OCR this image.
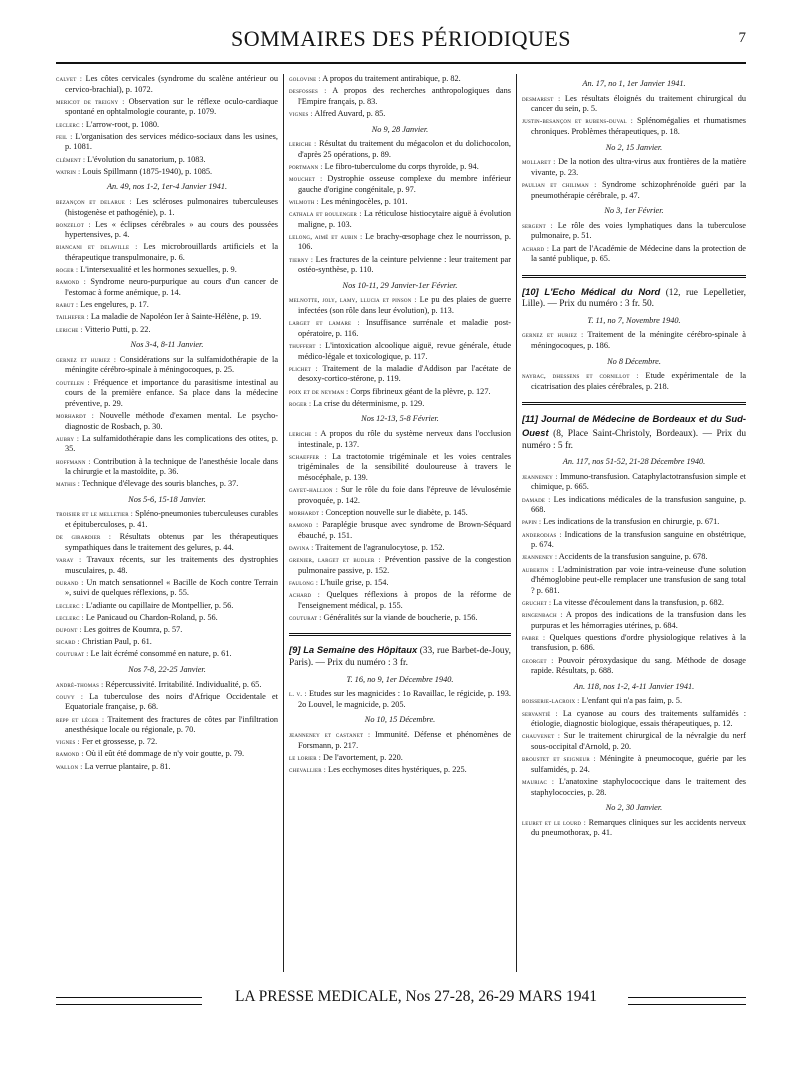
SOMMAIRES DES PÉRIODIQUES	7
calvet : Les côtes cervicales (syndrome du scalène antérieur ou cervico-brachial), p. 1072.
mericot de treigny : Observation sur le réflexe oculo-cardiaque spontané en ophtalmologie courante, p. 1079.
leclerc : L'arrow-root, p. 1080.
feil : L'organisation des services médico-sociaux dans les usines, p. 1081.
clément : L'évolution du sanatorium, p. 1083.
watrin : Louis Spillmann (1875-1940), p. 1085.
An. 49, nos 1-2, 1er-4 Janvier 1941.
bezançon et delarue : Les scléroses pulmonaires tuberculeuses (histogenèse et pathogénie), p. 1.
bonzelot : Les « éclipses cérébrales » au cours des poussées hypertensives, p. 4.
biancani et delaville : Les microbrouillards artificiels et la thérapeutique transpulmonaire, p. 6.
roger : L'intersexualité et les hormones sexuelles, p. 9.
ramond : Syndrome neuro-purpurique au cours d'un cancer de l'estomac à forme anémique, p. 14.
rabut : Les engelures, p. 17.
tailhefer : La maladie de Napoléon Ier à Sainte-Hélène, p. 19.
leriche : Vitterio Putti, p. 22.
Nos 3-4, 8-11 Janvier.
gernez et huriez : Considérations sur la sulfamidothérapie de la méningite cérébro-spinale à méningocoques, p. 25.
coutelen : Fréquence et importance du parasitisme intestinal au cours de la première enfance. Sa place dans la médecine préventive, p. 29.
morhardt : Nouvelle méthode d'examen mental. Le psycho-diagnostic de Rosbach, p. 30.
aubry : La sulfamidothérapie dans les complications des otites, p. 35.
hoffmann : Contribution à la technique de l'anesthésie locale dans la chirurgie et la mastoïdite, p. 36.
mathis : Technique d'élevage des souris blanches, p. 37.
Nos 5-6, 15-18 Janvier.
troisier et le melletier : Spléno-pneumonies tuberculeuses curables et épituberculoses, p. 41.
de girardier : Résultats obtenus par les thérapeutiques sympathiques dans le traitement des gelures, p. 44.
varay : Travaux récents, sur les traitements des dystrophies musculaires, p. 48.
durand : Un match sensationnel « Bacille de Koch contre Terrain », suivi de quelques réflexions, p. 55.
leclerc : L'adiante ou capillaire de Montpellier, p. 56.
leclerc : Le Panicaud ou Chardon-Roland, p. 56.
dupont : Les goitres de Koumra, p. 57.
sicard : Christian Paul, p. 61.
couturat : Le lait écrémé consommé en nature, p. 61.
Nos 7-8, 22-25 Janvier.
andré-thomas : Répercussivité. Irritabilité. Individualité, p. 65.
couvy : La tuberculose des noirs d'Afrique Occidentale et Equatoriale française, p. 68.
repp et léger : Traitement des fractures de côtes par l'infiltration anesthésique locale ou régionale, p. 70.
vignes : Fer et grossesse, p. 72.
ramond : Où il eût été dommage de n'y voir goutte, p. 79.
wallon : La verrue plantaire, p. 81.
golovine : A propos du traitement antirabique, p. 82.
desfosses : A propos des recherches anthropologiques dans l'Empire français, p. 83.
vignes : Alfred Auvard, p. 85.
No 9, 28 Janvier.
leriche : Résultat du traitement du mégacolon et du dolichocolon, d'après 25 opérations, p. 89.
portmann : Le fibro-tuberculome du corps thyroïde, p. 94.
mouchet : Dystrophie osseuse complexe du membre inférieur gauche d'origine congénitale, p. 97.
wilmoth : Les méningocèles, p. 101.
cathala et boulenger : La réticulose histiocytaire aiguë à évolution maligne, p. 103.
lelong, aimé et aubin : Le brachy-œsophage chez le nourrisson, p. 106.
tierny : Les fractures de la ceinture pelvienne : leur traitement par ostéo-synthèse, p. 110.
Nos 10-11, 29 Janvier-1er Février.
melnotte, joly, lamy, llucia et pinson : Le pu des plaies de guerre infectées (son rôle dans leur évolution), p. 113.
larget et lamare : Insuffisance surrénale et maladie post-opératoire, p. 116.
thuffert : L'intoxication alcoolique aiguë, revue générale, étude médico-légale et toxicologique, p. 117.
plichet : Traitement de la maladie d'Addison par l'acétate de desoxy-cortico-stérone, p. 119.
poix et de neyman : Corps fibrineux géant de la plèvre, p. 127.
roger : La crise du déterminisme, p. 129.
Nos 12-13, 5-8 Février.
leriche : A propos du rôle du système nerveux dans l'occlusion intestinale, p. 137.
schaeffer : La tractotomie trigéminale et les voies centrales trigéminales de la sensibilité douloureuse à travers le mésocéphale, p. 139.
gayet-hallion : Sur le rôle du foie dans l'épreuve de lévulosémie provoquée, p. 142.
morhardt : Conception nouvelle sur le diabète, p. 145.
ramond : Paraplégie brusque avec syndrome de Brown-Séquard ébauché, p. 151.
davina : Traitement de l'agranulocytose, p. 152.
grenier, larget et budler : Prévention passive de la congestion pulmonaire passive, p. 152.
faulong : L'huile grise, p. 154.
achard : Quelques réflexions à propos de la réforme de l'enseignement médical, p. 155.
couturat : Généralités sur la viande de boucherie, p. 156.
[9] La Semaine des Hôpitaux (33, rue Barbet-de-Jouy, Paris). — Prix du numéro : 3 fr.
T. 16, no 9, 1er Décembre 1940.
l. v. : Etudes sur les magnicides : 1o Ravaillac, le régicide, p. 193. 2o Louvel, le magnicide, p. 205.
No 10, 15 Décembre.
jeanneney et castanet : Immunité. Défense et phénomènes de Forsmann, p. 217.
le lorier : De l'avortement, p. 220.
chevallier : Les ecchymoses dites hystériques, p. 225.
An. 17, no 1, 1er Janvier 1941.
desmarest : Les résultats éloignés du traitement chirurgical du cancer du sein, p. 5.
justin-besançon et rubens-duval : Splénomégalies et rhumatismes chroniques. Problèmes thérapeutiques, p. 18.
No 2, 15 Janvier.
mollaret : De la notion des ultra-virus aux frontières de la matière vivante, p. 23.
paulian et chiliman : Syndrome schizophrénoïde guéri par la pneumothérapie cérébrale, p. 47.
No 3, 1er Février.
sergent : Le rôle des voies lymphatiques dans la tuberculose pulmonaire, p. 51.
achard : La part de l'Académie de Médecine dans la protection de la santé publique, p. 65.
[10] L'Echo Médical du Nord (12, rue Lepelletier, Lille). — Prix du numéro : 3 fr. 50.
T. 11, no 7, Novembre 1940.
gernez et huriez : Traitement de la méningite cérébro-spinale à méningocoques, p. 186.
No 8 Décembre.
naybac, dhessens et cornillot : Etude expérimentale de la cicatrisation des plaies cérébrales, p. 218.
[11] Journal de Médecine de Bordeaux et du Sud-Ouest (8, Place Saint-Christoly, Bordeaux). — Prix du numéro : 5 fr.
An. 117, nos 51-52, 21-28 Décembre 1940.
jeanneney : Immuno-transfusion. Cataphylactotransfusion simple et chimique, p. 665.
damade : Les indications médicales de la transfusion sanguine, p. 668.
papin : Les indications de la transfusion en chirurgie, p. 671.
anderodias : Indications de la transfusion sanguine en obstétrique, p. 674.
jeanneney : Accidents de la transfusion sanguine, p. 678.
aubertin : L'administration par voie intra-veineuse d'une solution d'hémoglobine peut-elle remplacer une transfusion de sang total ? p. 681.
gruchet : La vitesse d'écoulement dans la transfusion, p. 682.
ringenbach : A propos des indications de la transfusion dans les purpuras et les hémorragies utérines, p. 684.
fabre : Quelques questions d'ordre physiologique relatives à la transfusion, p. 686.
georget : Pouvoir péroxydasique du sang. Méthode de dosage rapide. Résultats, p. 688.
An. 118, nos 1-2, 4-11 Janvier 1941.
boisserie-lacroix : L'enfant qui n'a pas faim, p. 5.
servantié : La cyanose au cours des traitements sulfamidés : étiologie, diagnostic biologique, essais thérapeutiques, p. 12.
chauvenet : Sur le traitement chirurgical de la névralgie du nerf sous-occipital d'Arnold, p. 20.
broustet et seigneur : Méningite à pneumocoque, guérie par les sulfamidés, p. 24.
mauriac : L'anatoxine staphylococcique dans le traitement des staphylococcies, p. 28.
No 2, 30 Janvier.
leuret et le lourd : Remarques cliniques sur les accidents nerveux du pneumothorax, p. 41.
LA PRESSE MEDICALE, Nos 27-28, 26-29 MARS 1941
